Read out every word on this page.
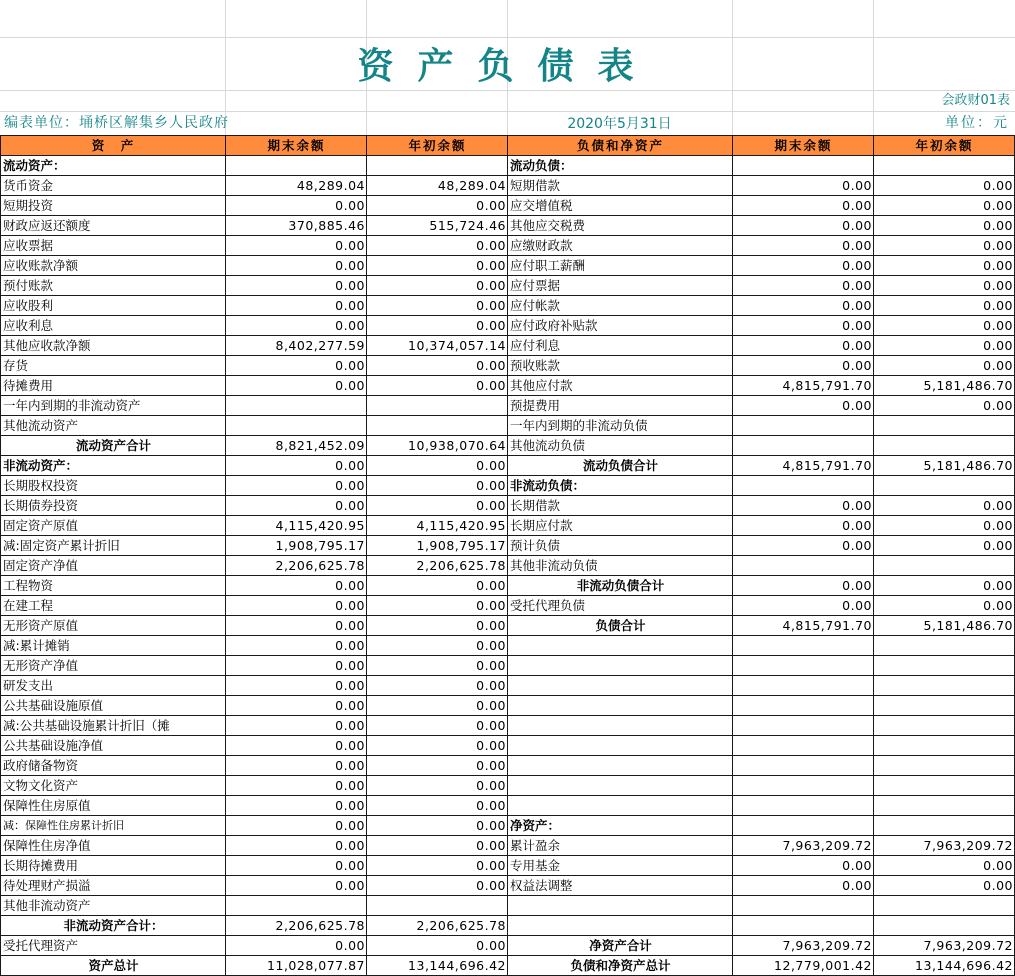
资产负债表
会政财01表
编表单位：埇桥区解集乡人民政府	2020年5月31日	单位：元
资　产	期末余额	年初余额	负债和净资产	期末余额	年初余额
流动资产：			流动负债：		
货币资金	48,289.04	48,289.04	短期借款	0.00	0.00
短期投资	0.00	0.00	应交增值税	0.00	0.00
财政应返还额度	370,885.46	515,724.46	其他应交税费	0.00	0.00
应收票据	0.00	0.00	应缴财政款	0.00	0.00
应收账款净额	0.00	0.00	应付职工薪酬	0.00	0.00
预付账款	0.00	0.00	应付票据	0.00	0.00
应收股利	0.00	0.00	应付帐款	0.00	0.00
应收利息	0.00	0.00	应付政府补贴款	0.00	0.00
其他应收款净额	8,402,277.59	10,374,057.14	应付利息	0.00	0.00
存货	0.00	0.00	预收账款	0.00	0.00
待摊费用	0.00	0.00	其他应付款	4,815,791.70	5,181,486.70
一年内到期的非流动资产			预提费用	0.00	0.00
其他流动资产			一年内到期的非流动负债		
流动资产合计	8,821,452.09	10,938,070.64	其他流动负债		
非流动资产：	0.00	0.00	流动负债合计	4,815,791.70	5,181,486.70
长期股权投资	0.00	0.00	非流动负债：		
长期债券投资	0.00	0.00	长期借款	0.00	0.00
固定资产原值	4,115,420.95	4,115,420.95	长期应付款	0.00	0.00
减:固定资产累计折旧	1,908,795.17	1,908,795.17	预计负债	0.00	0.00
固定资产净值	2,206,625.78	2,206,625.78	其他非流动负债		
工程物资	0.00	0.00	非流动负债合计	0.00	0.00
在建工程	0.00	0.00	受托代理负债	0.00	0.00
无形资产原值	0.00	0.00	负债合计	4,815,791.70	5,181,486.70
减:累计摊销	0.00	0.00			
无形资产净值	0.00	0.00			
研发支出	0.00	0.00			
公共基础设施原值	0.00	0.00			
减:公共基础设施累计折旧（摊	0.00	0.00			
公共基础设施净值	0.00	0.00			
政府储备物资	0.00	0.00			
文物文化资产	0.00	0.00			
保障性住房原值	0.00	0.00			
减：保障性住房累计折旧	0.00	0.00	净资产：		
保障性住房净值	0.00	0.00	累计盈余	7,963,209.72	7,963,209.72
长期待摊费用	0.00	0.00	专用基金	0.00	0.00
待处理财产损溢	0.00	0.00	权益法调整	0.00	0.00
其他非流动资产					
非流动资产合计：	2,206,625.78	2,206,625.78			
受托代理资产	0.00	0.00	净资产合计	7,963,209.72	7,963,209.72
资产总计	11,028,077.87	13,144,696.42	负债和净资产总计	12,779,001.42	13,144,696.42
